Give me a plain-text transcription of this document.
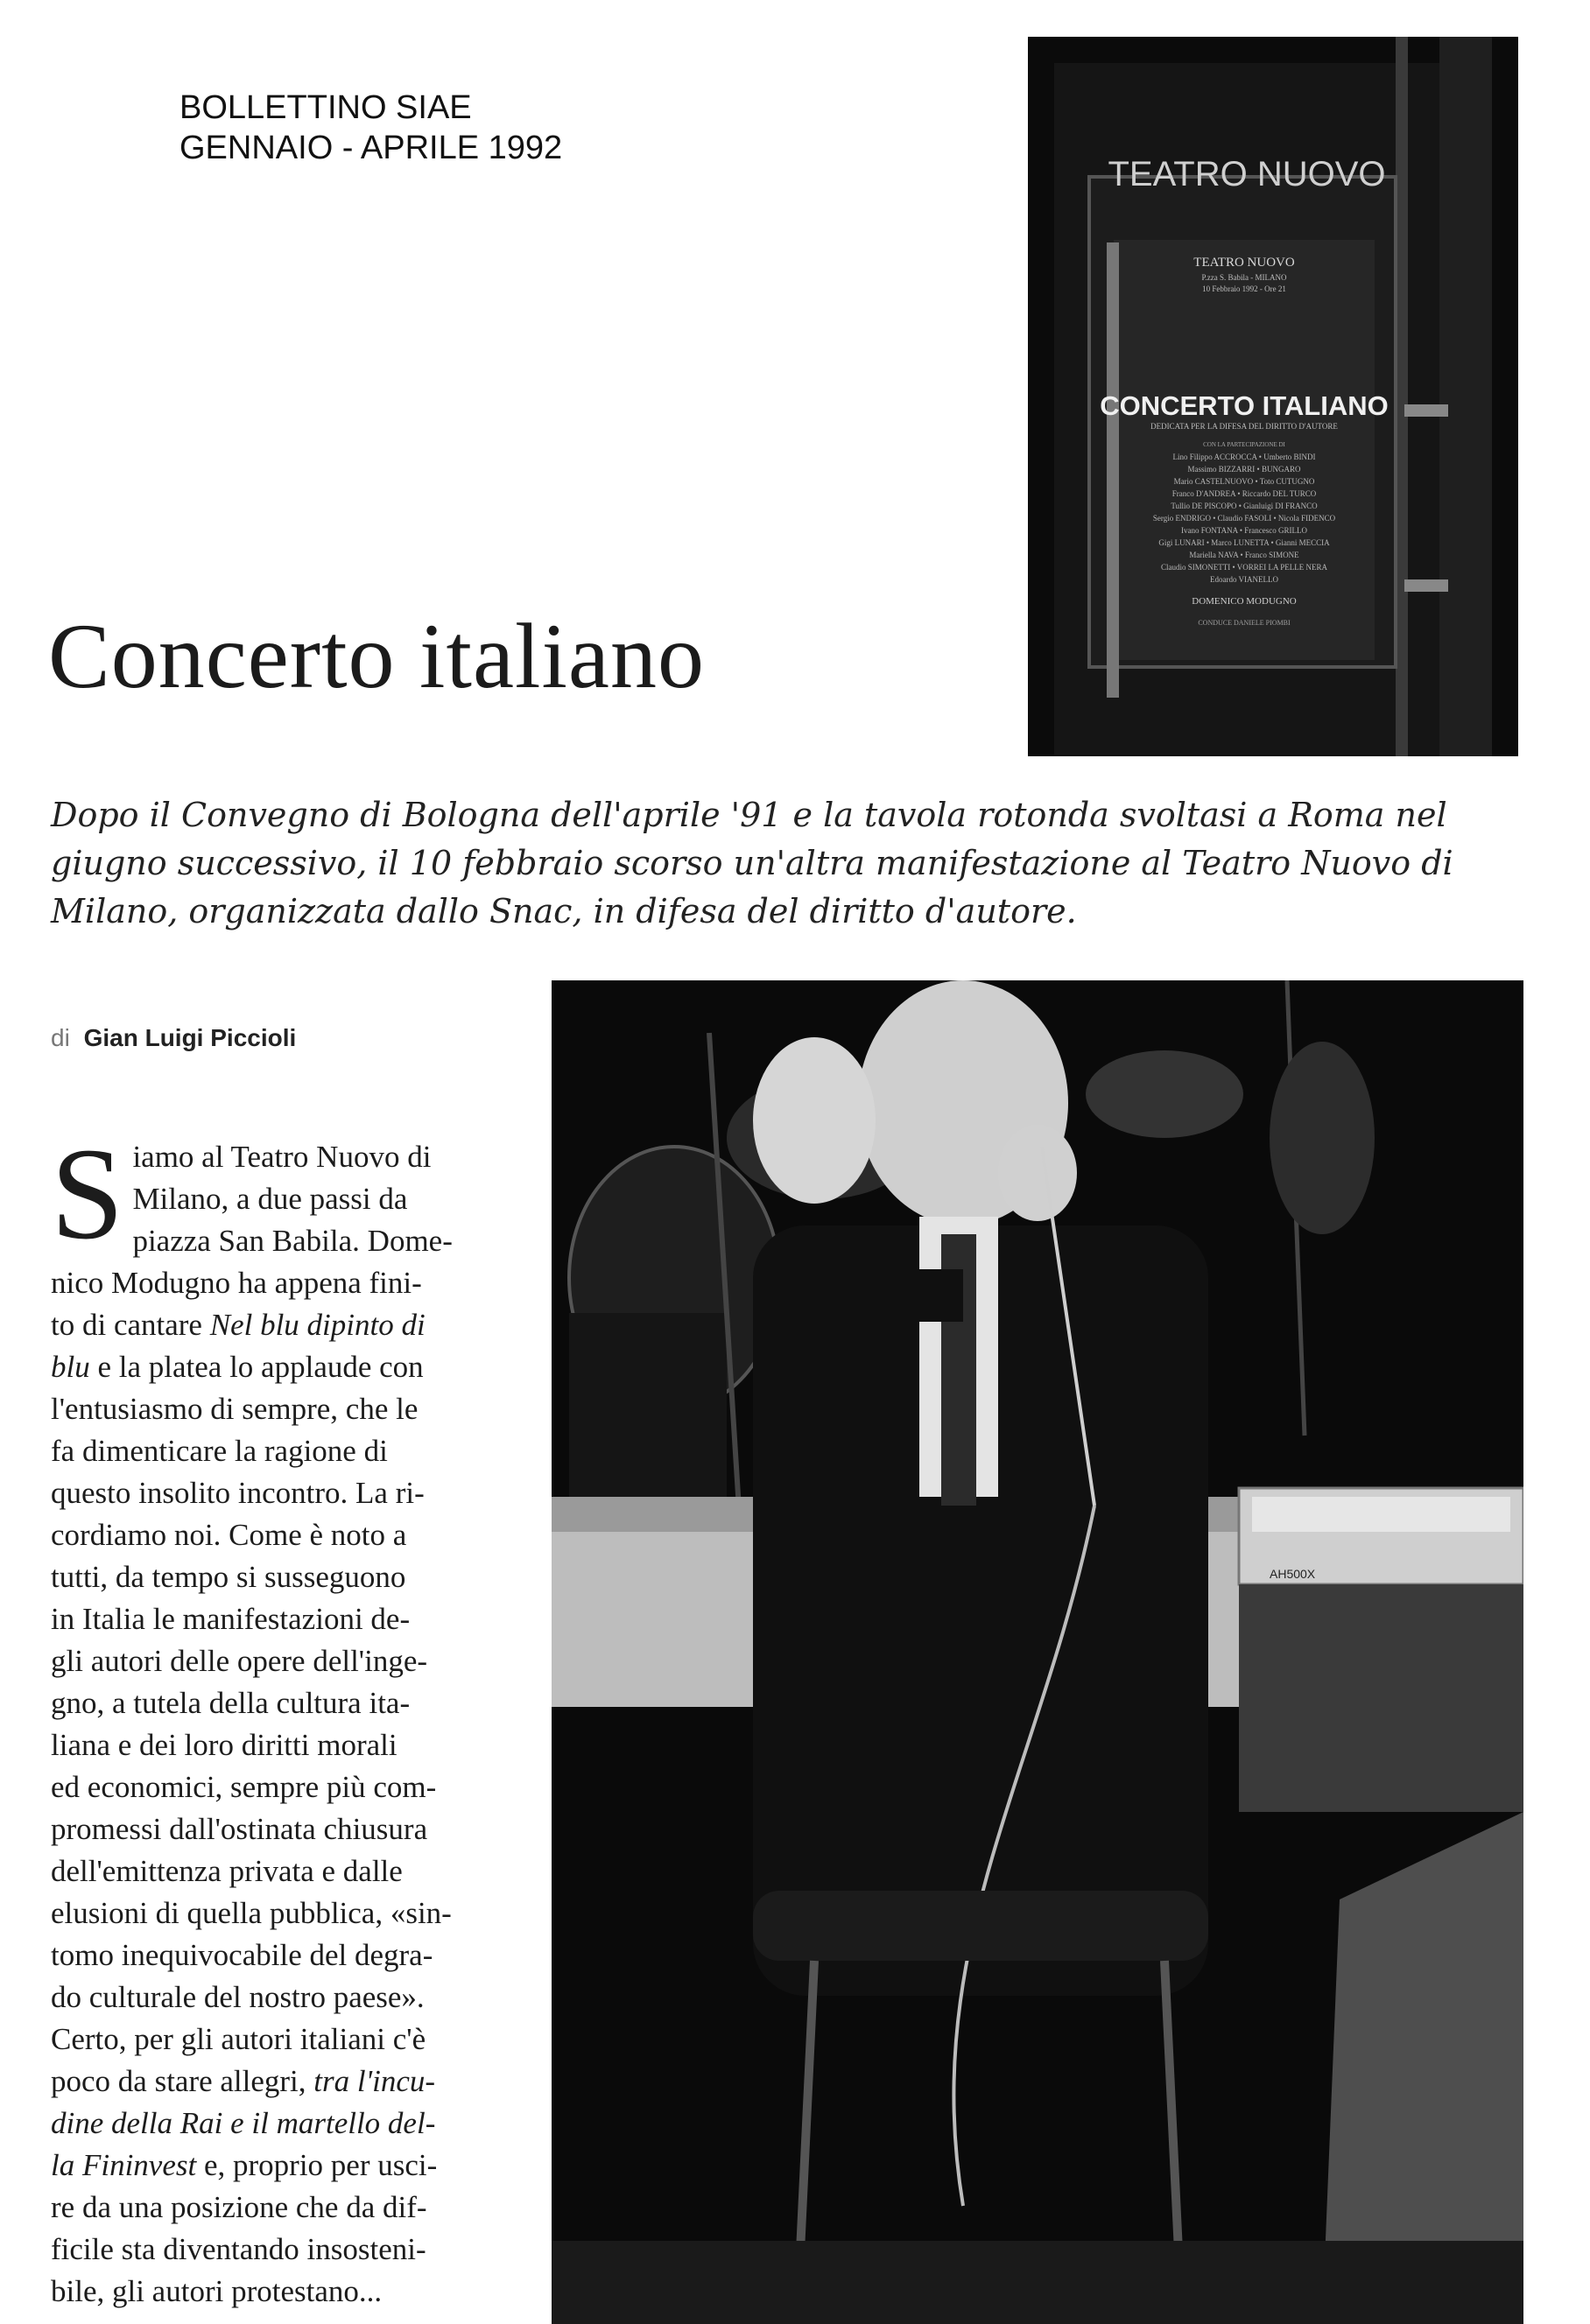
BOLLETTINO SIAE
GENNAIO - APRILE 1992
TEATRO NUOVO
TEATRO NUOVO
P.zza S. Babila - MILANO
10 Febbraio 1992 - Ore 21
CONCERTO ITALIANO
DEDICATA PER LA DIFESA DEL DIRITTO D'AUTORE
CON LA PARTECIPAZIONE DI
Lino Filippo ACCROCCA • Umberto BINDI
Massimo BIZZARRI • BUNGARO
Mario CASTELNUOVO • Toto CUTUGNO
Franco D'ANDREA • Riccardo DEL TURCO
Tullio DE PISCOPO • Gianluigi DI FRANCO
Sergio ENDRIGO • Claudio FASOLI • Nicola FIDENCO
Ivano FONTANA • Francesco GRILLO
Gigi LUNARI • Marco LUNETTA • Gianni MECCIA
Mariella NAVA • Franco SIMONE
Claudio SIMONETTI • VORREI LA PELLE NERA
Edoardo VIANELLO
DOMENICO MODUGNO
CONDUCE DANIELE PIOMBI
Concerto italiano
Dopo il Convegno di Bologna dell'aprile '91 e la tavola rotonda svoltasi a Roma nel giugno successivo, il 10 febbraio scorso un'altra manifestazione al Teatro Nuovo di Milano, organizzata dallo Snac, in difesa del diritto d'autore.
di Gian Luigi Piccioli
AH500X
S iamo al Teatro Nuovo di
Milano, a due passi da
piazza San Babila. Dome-
nico Modugno ha appena fini-
to di cantare Nel blu dipinto di
blu e la platea lo applaude con
l'entusiasmo di sempre, che le
fa dimenticare la ragione di
questo insolito incontro. La ri-
cordiamo noi. Come è noto a
tutti, da tempo si susseguono
in Italia le manifestazioni de-
gli autori delle opere dell'inge-
gno, a tutela della cultura ita-
liana e dei loro diritti morali
ed economici, sempre più com-
promessi dall'ostinata chiusura
dell'emittenza privata e dalle
elusioni di quella pubblica, «sin-
tomo inequivocabile del degra-
do culturale del nostro paese».
Certo, per gli autori italiani c'è
poco da stare allegri, tra l'incu-
dine della Rai e il martello del-
la Fininvest e, proprio per usci-
re da una posizione che da dif-
ficile sta diventando insosteni-
bile, gli autori protestano...
